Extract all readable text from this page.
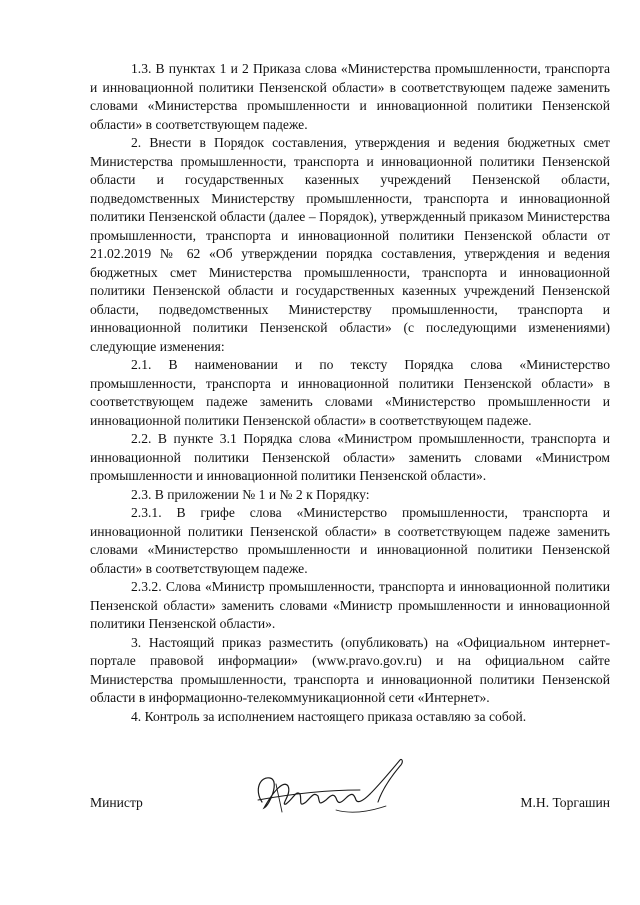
1.3. В пунктах 1 и 2 Приказа слова «Министерства промышленности, транспорта и инновационной политики Пензенской области» в соответствующем падеже заменить словами «Министерства промышленности и инновационной политики Пензенской области» в соответствующем падеже.

2. Внести в Порядок составления, утверждения и ведения бюджетных смет Министерства промышленности, транспорта и инновационной политики Пензенской области и государственных казенных учреждений Пензенской области, подведомственных Министерству промышленности, транспорта и инновационной политики Пензенской области (далее – Порядок), утвержденный приказом Министерства промышленности, транспорта и инновационной политики Пензенской области от 21.02.2019 № 62 «Об утверждении порядка составления, утверждения и ведения бюджетных смет Министерства промышленности, транспорта и инновационной политики Пензенской области и государственных казенных учреждений Пензенской области, подведомственных Министерству промышленности, транспорта и инновационной политики Пензенской области» (с последующими изменениями) следующие изменения:

2.1. В наименовании и по тексту Порядка слова «Министерство промышленности, транспорта и инновационной политики Пензенской области» в соответствующем падеже заменить словами «Министерство промышленности и инновационной политики Пензенской области» в соответствующем падеже.

2.2. В пункте 3.1 Порядка слова «Министром промышленности, транспорта и инновационной политики Пензенской области» заменить словами «Министром промышленности и инновационной политики Пензенской области».

2.3. В приложении № 1 и № 2 к Порядку:

2.3.1. В грифе слова «Министерство промышленности, транспорта и инновационной политики Пензенской области» в соответствующем падеже заменить словами «Министерство промышленности и инновационной политики Пензенской области» в соответствующем падеже.

2.3.2. Слова «Министр промышленности, транспорта и инновационной политики Пензенской области» заменить словами «Министр промышленности и инновационной политики Пензенской области».

3. Настоящий приказ разместить (опубликовать) на «Официальном интернет-портале правовой информации» (www.pravo.gov.ru) и на официальном сайте Министерства промышленности, транспорта и инновационной политики Пензенской области в информационно-телекоммуникационной сети «Интернет».

4. Контроль за исполнением настоящего приказа оставляю за собой.

Министр	М.Н. Торгашин
